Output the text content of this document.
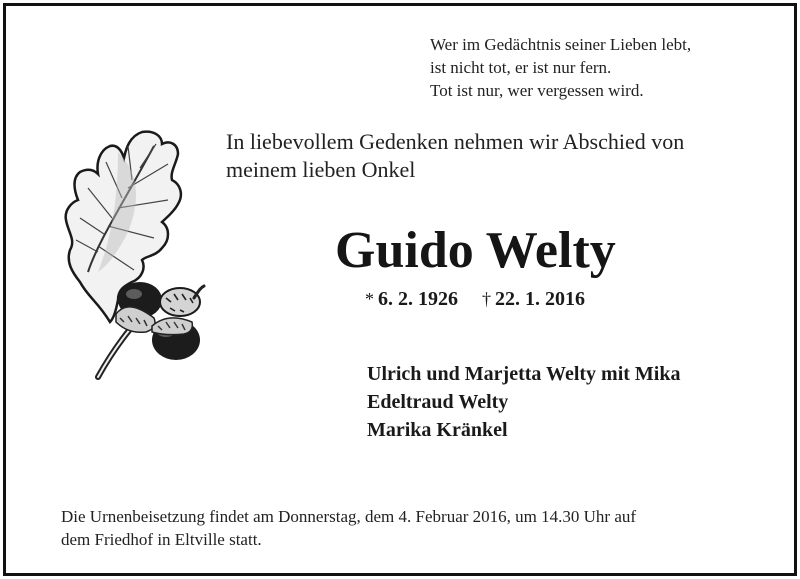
Wer im Gedächtnis seiner Lieben lebt,
ist nicht tot, er ist nur fern.
Tot ist nur, wer vergessen wird.
In liebevollem Gedenken nehmen wir Abschied von
meinem lieben Onkel
Guido Welty
* 6. 2. 1926 † 22. 1. 2016
Ulrich und Marjetta Welty mit Mika
Edeltraud Welty
Marika Kränkel
Die Urnenbeisetzung findet am Donnerstag, dem 4. Februar 2016, um 14.30 Uhr auf
dem Friedhof in Eltville statt.
